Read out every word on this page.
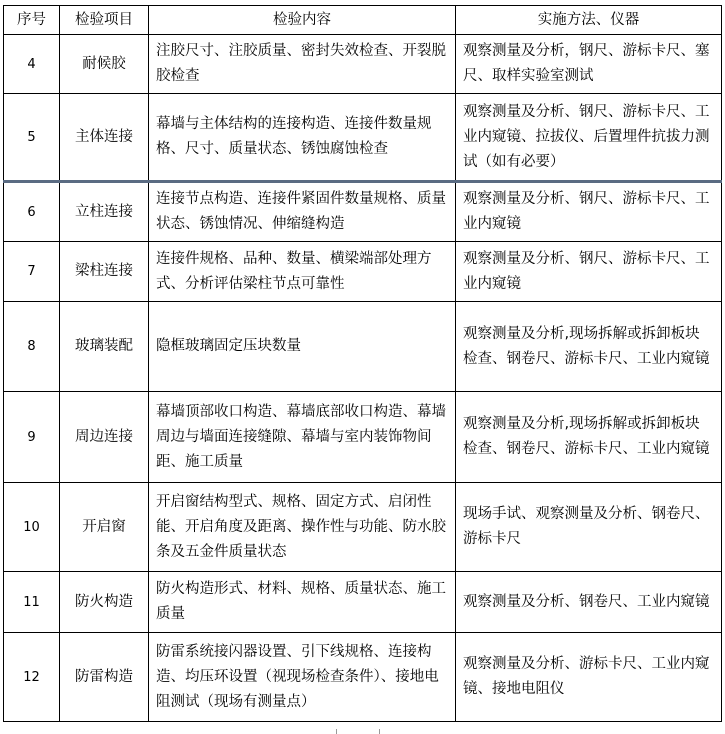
序号	检验项目	检验内容	实施方法、仪器
4	耐候胶	注胶尺寸、注胶质量、密封失效检查、开裂脱胶检查	观察测量及分析，钢尺、游标卡尺、塞尺、取样实验室测试
5	主体连接	幕墙与主体结构的连接构造、连接件数量规格、尺寸、质量状态、锈蚀腐蚀检查	观察测量及分析、钢尺、游标卡尺、工业内窥镜、拉拔仪、后置埋件抗拔力测试（如有必要）
6	立柱连接	连接节点构造、连接件紧固件数量规格、质量状态、锈蚀情况、伸缩缝构造	观察测量及分析、钢尺、游标卡尺、工业内窥镜
7	梁柱连接	连接件规格、品种、数量、横梁端部处理方式、分析评估梁柱节点可靠性	观察测量及分析、钢尺、游标卡尺、工业内窥镜
8	玻璃装配	隐框玻璃固定压块数量	观察测量及分析,现场拆解或拆卸板块检查、钢卷尺、游标卡尺、工业内窥镜
9	周边连接	幕墙顶部收口构造、幕墙底部收口构造、幕墙周边与墙面连接缝隙、幕墙与室内装饰物间距、施工质量	观察测量及分析,现场拆解或拆卸板块检查、钢卷尺、游标卡尺、工业内窥镜
10	开启窗	开启窗结构型式、规格、固定方式、启闭性能、开启角度及距离、操作性与功能、防水胶条及五金件质量状态	现场手试、观察测量及分析、钢卷尺、游标卡尺
11	防火构造	防火构造形式、材料、规格、质量状态、施工质量	观察测量及分析、钢卷尺、工业内窥镜
12	防雷构造	防雷系统接闪器设置、引下线规格、连接构造、均压环设置（视现场检查条件）、接地电阻测试（现场有测量点）	观察测量及分析、游标卡尺、工业内窥镜、接地电阻仪
